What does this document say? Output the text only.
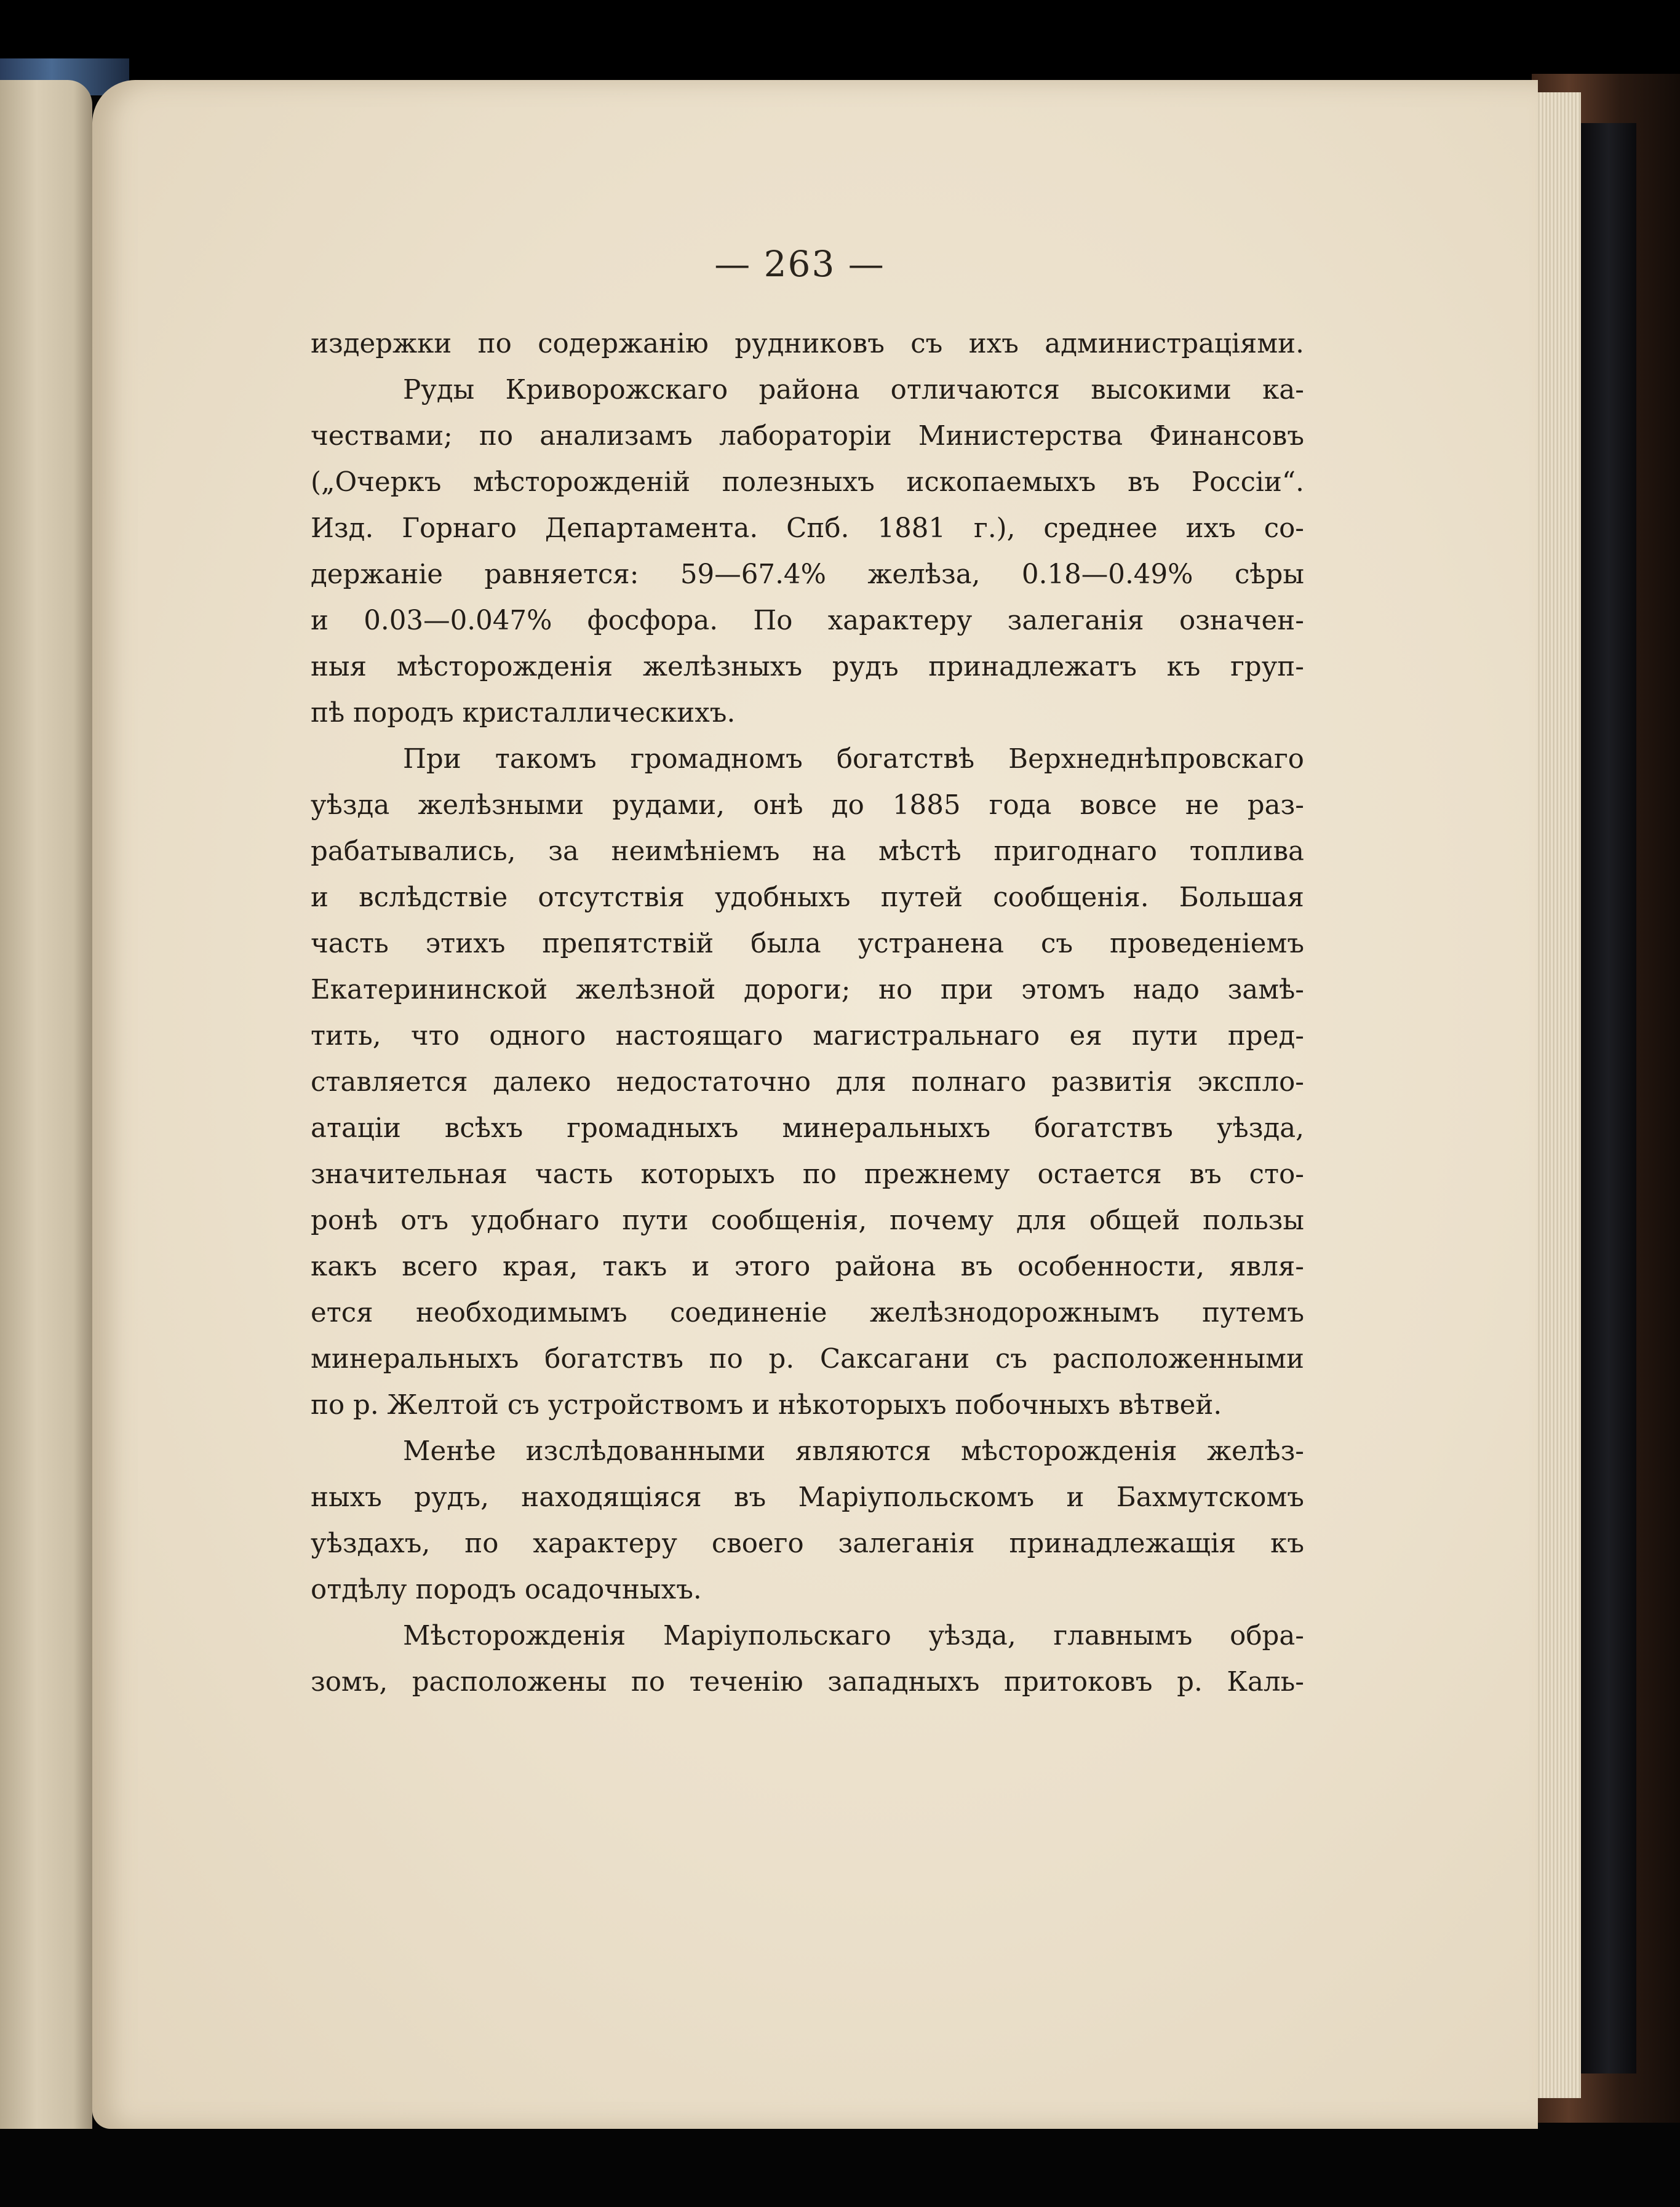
— 263 —
издержки по содержанію рудниковъ съ ихъ администраціями.
Руды Криворожскаго района отличаются высокими ка-
чествами; по анализамъ лабораторіи Министерства Финансовъ
(„Очеркъ мѣсторожденій полезныхъ ископаемыхъ въ Россіи“.
Изд. Горнаго Департамента. Спб. 1881 г.), среднее ихъ со-
держаніе равняется: 59—67.4% желѣза, 0.18—0.49% сѣры
и 0.03—0.047% фосфора. По характеру залеганія означен-
ныя мѣсторожденія желѣзныхъ рудъ принадлежатъ къ груп-
пѣ породъ кристаллическихъ.
При такомъ громадномъ богатствѣ Верхнеднѣпровскаго
уѣзда желѣзными рудами, онѣ до 1885 года вовсе не раз-
рабатывались, за неимѣніемъ на мѣстѣ пригоднаго топлива
и вслѣдствіе отсутствія удобныхъ путей сообщенія. Большая
часть этихъ препятствій была устранена съ проведеніемъ
Екатерининской желѣзной дороги; но при этомъ надо замѣ-
тить, что одного настоящаго магистральнаго ея пути пред-
ставляется далеко недостаточно для полнаго развитія экспло-
атаціи всѣхъ громадныхъ минеральныхъ богатствъ уѣзда,
значительная часть которыхъ по прежнему остается въ сто-
ронѣ отъ удобнаго пути сообщенія, почему для общей пользы
какъ всего края, такъ и этого района въ особенности, явля-
ется необходимымъ соединеніе желѣзнодорожнымъ путемъ
минеральныхъ богатствъ по р. Саксагани съ расположенными
по р. Желтой съ устройствомъ и нѣкоторыхъ побочныхъ вѣтвей.
Менѣе изслѣдованными являются мѣсторожденія желѣз-
ныхъ рудъ, находящіяся въ Маріупольскомъ и Бахмутскомъ
уѣздахъ, по характеру своего залеганія принадлежащія къ
отдѣлу породъ осадочныхъ.
Мѣсторожденія Маріупольскаго уѣзда, главнымъ обра-
зомъ, расположены по теченію западныхъ притоковъ р. Каль-
